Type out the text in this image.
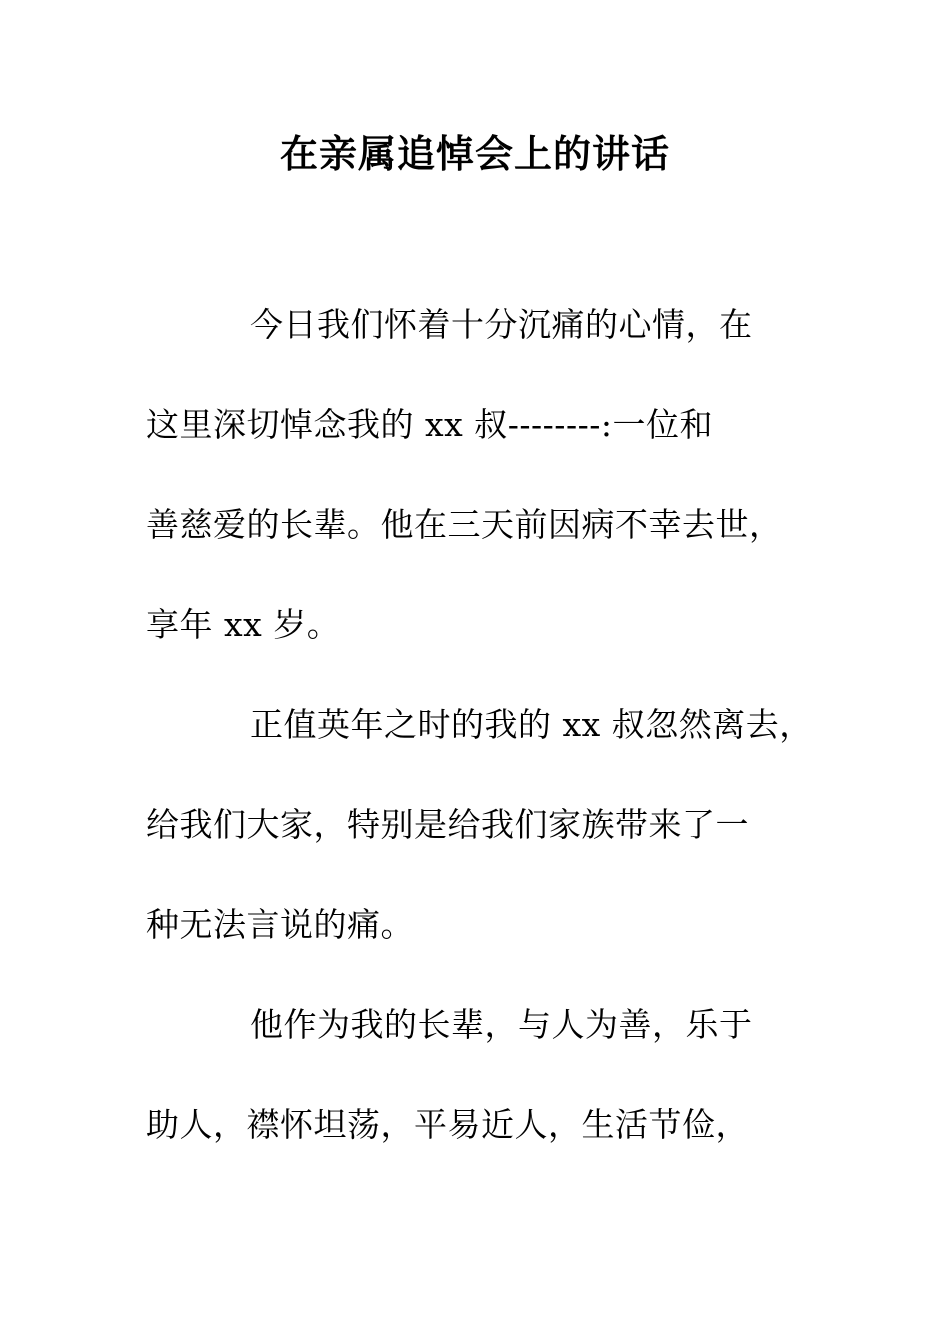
在亲属追悼会上的讲话
今日我们怀着十分沉痛的心情，在
这里深切悼念我的 xx 叔--------:一位和
善慈爱的长辈。他在三天前因病不幸去世，
享年 xx 岁。
正值英年之时的我的 xx 叔忽然离去，
给我们大家，特别是给我们家族带来了一
种无法言说的痛。
他作为我的长辈，与人为善，乐于
助人，襟怀坦荡，平易近人，生活节俭，
